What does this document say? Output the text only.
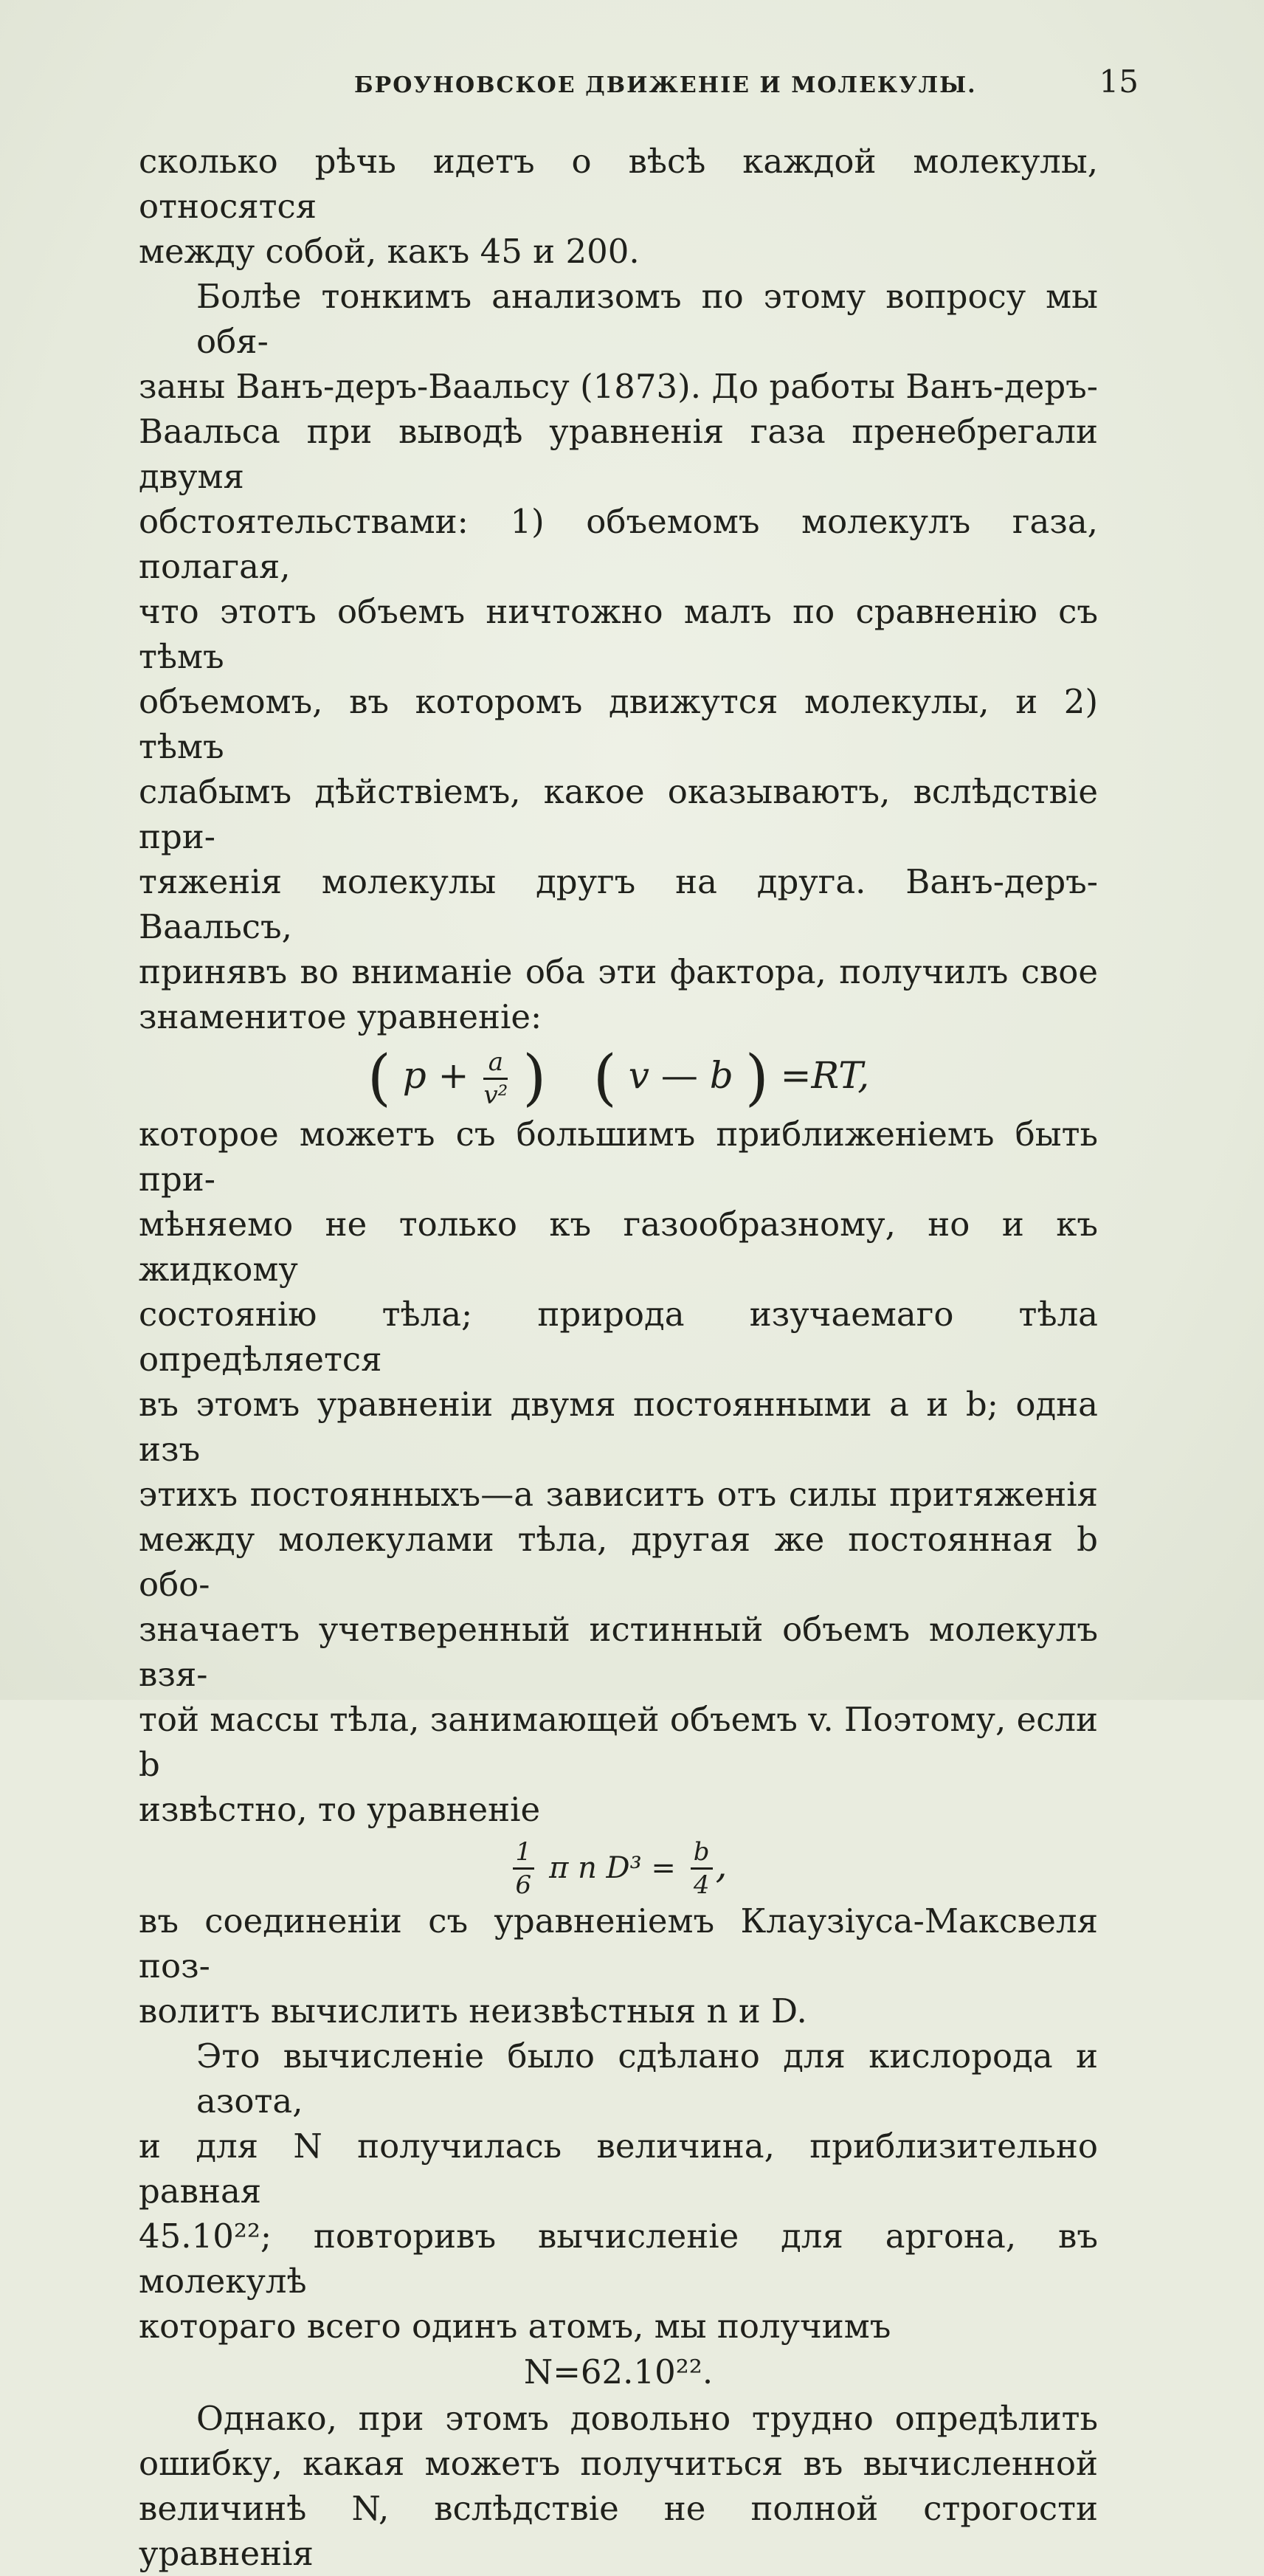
БРОУНОВСКОЕ ДВИЖЕНІЕ И МОЛЕКУЛЫ.	15
сколько рѣчь идетъ о вѣсѣ каждой молекулы, относятся
между собой, какъ 45 и 200.
Болѣе тонкимъ анализомъ по этому вопросу мы обя-
заны Ванъ-деръ-Ваальсу (1873). До работы Ванъ-деръ-
Ваальса при выводѣ уравненія газа пренебрегали двумя
обстоятельствами: 1) объемомъ молекулъ газа, полагая,
что этотъ объемъ ничтожно малъ по сравненію съ тѣмъ
объемомъ, въ которомъ движутся молекулы, и 2) тѣмъ
слабымъ дѣйствіемъ, какое оказываютъ, вслѣдствіе при-
тяженія молекулы другъ на друга. Ванъ-деръ-Ваальсъ,
принявъ во вниманіе оба эти фактора, получилъ свое
знаменитое уравненіе:
( $p + \frac{a}{\text{v²}}$ ) ( v — b ) =RT,
которое можетъ съ большимъ приближеніемъ быть при-
мѣняемо не только къ газообразному, но и къ жидкому
состоянію тѣла; природа изучаемаго тѣла опредѣляется
въ этомъ уравненіи двумя постоянными a и b; одна изъ
этихъ постоянныхъ—a зависитъ отъ силы притяженія
между молекулами тѣла, другая же постоянная b обо-
значаетъ учетверенный истинный объемъ молекулъ взя-
той массы тѣла, занимающей объемъ v. Поэтому, если b
извѣстно, то уравненіе
$\frac{1}{6}$ π n $D^3 = \frac{b}{4}$ ,
въ соединеніи съ уравненіемъ Клаузіуса-Максвеля поз-
волитъ вычислить неизвѣстныя n и D.
Это вычисленіе было сдѣлано для кислорода и азота,
и для N получилась величина, приблизительно равная
45.10²²; повторивъ вычисленіе для аргона, въ молекулѣ
котораго всего одинъ атомъ, мы получимъ
N=62.10²².
Однако, при этомъ довольно трудно опредѣлить
ошибку, какая можетъ получиться въ вычисленной
величинѣ N, вслѣдствіе не полной строгости уравненія
